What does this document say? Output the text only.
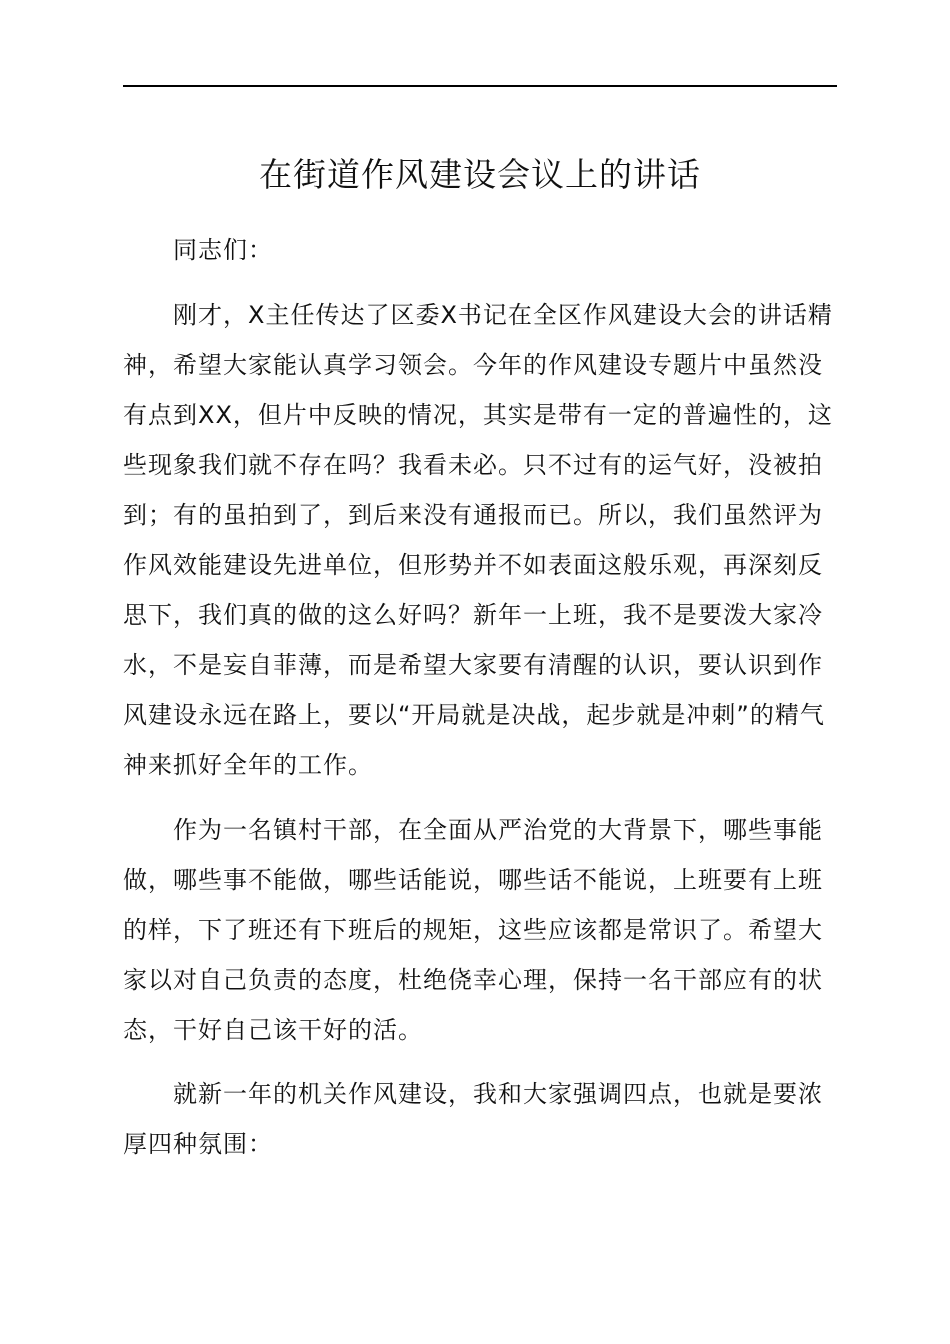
在街道作风建设会议上的讲话

同志们：

刚才，X主任传达了区委X书记在全区作风建设大会的讲话精神，希望大家能认真学习领会。今年的作风建设专题片中虽然没有点到XX，但片中反映的情况，其实是带有一定的普遍性的，这些现象我们就不存在吗？我看未必。只不过有的运气好，没被拍到；有的虽拍到了，到后来没有通报而已。所以，我们虽然评为作风效能建设先进单位，但形势并不如表面这般乐观，再深刻反思下，我们真的做的这么好吗？新年一上班，我不是要泼大家冷水，不是妄自菲薄，而是希望大家要有清醒的认识，要认识到作风建设永远在路上，要以“开局就是决战，起步就是冲刺”的精气神来抓好全年的工作。

作为一名镇村干部，在全面从严治党的大背景下，哪些事能做，哪些事不能做，哪些话能说，哪些话不能说，上班要有上班的样，下了班还有下班后的规矩，这些应该都是常识了。希望大家以对自己负责的态度，杜绝侥幸心理，保持一名干部应有的状态，干好自己该干好的活。

就新一年的机关作风建设，我和大家强调四点，也就是要浓厚四种氛围：
